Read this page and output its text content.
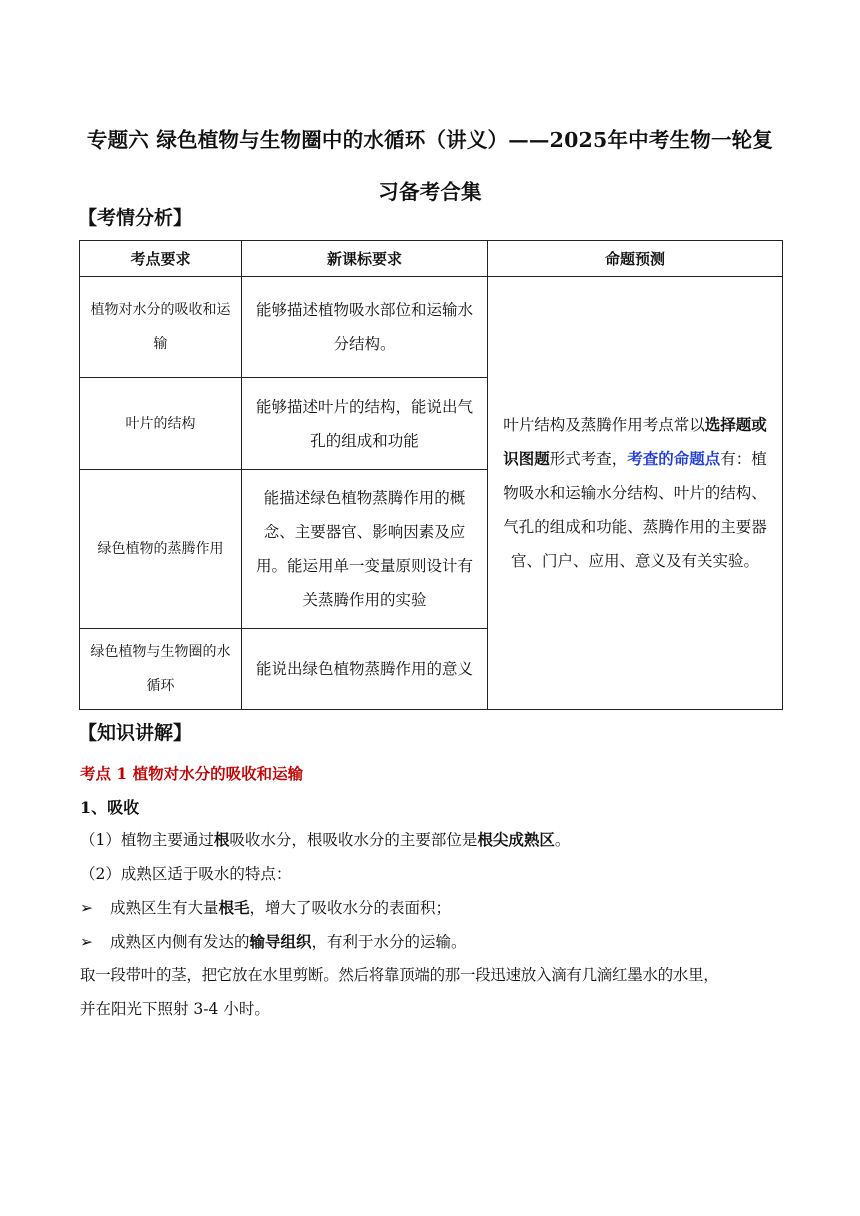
专题六 绿色植物与生物圈中的水循环（讲义）——2025年中考生物一轮复
习备考合集
【考情分析】
考点要求	新课标要求	命题预测
植物对水分的吸收和运输	能够描述植物吸水部位和运输水分结构。	叶片结构及蒸腾作用考点常以选择题或识图题形式考查，考查的命题点有：植物吸水和运输水分结构、叶片的结构、气孔的组成和功能、蒸腾作用的主要器官、门户、应用、意义及有关实验。
叶片的结构	能够描述叶片的结构，能说出气孔的组成和功能	
绿色植物的蒸腾作用	能描述绿色植物蒸腾作用的概念、主要器官、影响因素及应用。能运用单一变量原则设计有关蒸腾作用的实验	
绿色植物与生物圈的水循环	能说出绿色植物蒸腾作用的意义	
【知识讲解】
考点 1 植物对水分的吸收和运输
1、吸收
（1）植物主要通过根吸收水分，根吸收水分的主要部位是根尖成熟区。
（2）成熟区适于吸水的特点：
➢ 成熟区生有大量根毛，增大了吸收水分的表面积；
➢ 成熟区内侧有发达的输导组织，有利于水分的运输。
取一段带叶的茎，把它放在水里剪断。然后将靠顶端的那一段迅速放入滴有几滴红墨水的水里，
并在阳光下照射 3-4 小时。
